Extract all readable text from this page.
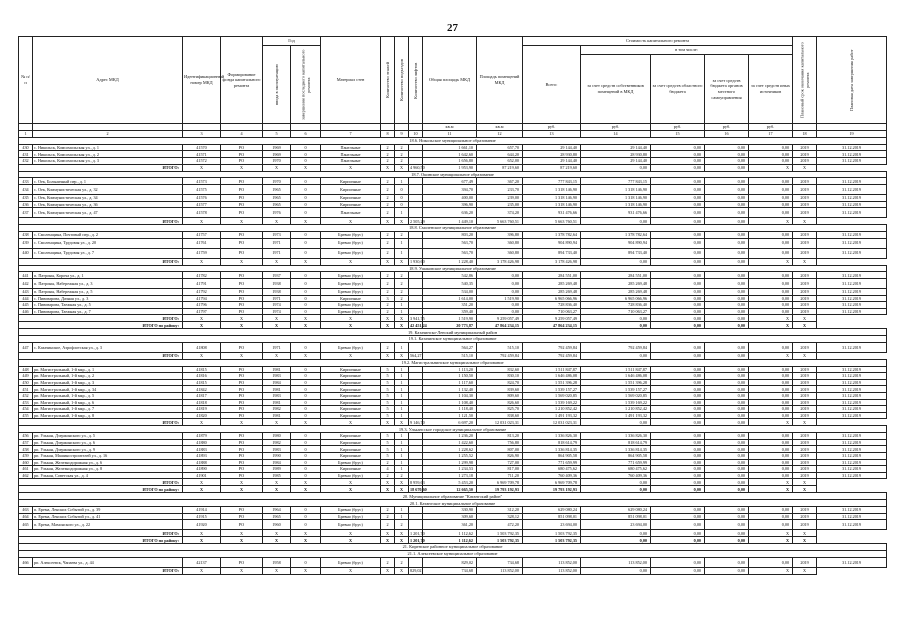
27
№ п/п	Адрес МКД	Идентификационный номер МКД	Формирование фонда капитального ремонта	Год		Материал стен	Количество этажей	Количество подъездов	Количество лифтов	Общая площадь МКД	Площадь помещений МКД	Стоимость капитального ремонта					Плановый срок окончания капитального ремонта	Плановая дата завершения работ
				ввода в эксплуатацию	завершения последнего капитального ремонта							Всего:	в том числе:					
													за счет средств собственников помещений в МКД	за счет средств областного бюджета	за счет средств бюджета органов местного самоуправления	за счет средств иных источников		
										кв.м	кв.м	руб.	руб.	руб.	руб.	руб.		
1	2	3	4	5	6	7	8	9	10	11	12	13	14	15	16	17	18	19
18.6. Никольское муниципальное образование																		
430	с. Никольск, Комсомольская ул., д. 1	41570	РО	1969	0	Панельные	2	2		1 661,10	657,70	29 144,40	29 144,40	0,00	0,00	0,00	2019	31.12.2019
431	с. Никольск, Комсомольская ул., д. 2	41571	РО	1969	0	Панельные	2	2		1 642,60	644,20	28 930,80	28 930,80	0,00	0,00	0,00	2019	31.12.2019
432	с. Никольск, Комсомольская ул., д. 3	41572	РО	1970	0	Панельные	2	2		1 656,80	652,00	29 144,40	29 144,40	0,00	0,00	0,00	2019	31.12.2019
ИТОГО:		Х	Х	Х	Х	Х	Х	Х	4 960,50	1 953,90	87 219,60	87 219,60	0,00	0,00	0,00	Х	Х	
18.7. Окинское муниципальное образование																		
433	с. Оек, Больничный пер., д. 1	41573	РО	1970	0	Кирпичные	2	1		677,49	367,20	777 843,15	777 843,15	0,00	0,00	0,00	2019	31.12.2019
434	с. Оек, Коммунистическая ул., д. 32	41575	РО	1965	0	Кирпичные	2	0		394,70	233,70	1 318 146,90	1 318 146,90	0,00	0,00	0,00	2019	31.12.2019
435	с. Оек, Коммунистическая ул., д. 34	41576	РО	1965	0	Кирпичные	2	0		400,00	239,00	1 318 146,90	1 318 146,90	0,00	0,00	0,00	2019	31.12.2019
436	с. Оек, Коммунистическая ул., д. 36	41577	РО	1965	0	Кирпичные	2	0		396,90	235,00	1 318 146,90	1 318 146,90	0,00	0,00	0,00	2019	31.12.2019
437	с. Оек, Коммунистическая ул., д. 47	41578	РО	1976	0	Панельные	2	1		636,20	374,20	931 476,66	931 476,66	0,00	0,00	0,00	2019	31.12.2019
ИТОГО:		Х	Х	Х	Х	Х	Х	Х	2 505,29	1 449,10	5 663 760,51	5 663 760,51	0,00	0,00	0,00	Х	Х	
18.8. Смоленское муниципальное образование																		
438	с. Смоленщина, Почтовый пер., д. 2	41757	РО	1973	0	Бревно (брус)	2	2		803,20	396,80	1 378 782,64	1 378 782,64	0,00	0,00	0,00	2019	31.12.2019
439	с. Смоленщина, Трудовая ул., д. 20	41761	РО	1971	0	Бревно (брус)	2	1		563,70	360,80	904 890,94	904 890,94	0,00	0,00	0,00	2019	31.12.2019
440	с. Смоленщина, Трудовая ул., д. 7	41759	РО	1971	0	Бревно (брус)	2	1		563,70	360,80	894 733,40	894 733,40	0,00	0,00	0,00	2019	31.12.2019
ИТОГО:		Х	Х	Х	Х	Х	Х	Х	1 930,60	1 228,40	3 178 426,98	3 178 426,98	0,00	0,00	0,00	Х	Х	
18.9. Ушаковское муниципальное образование																		
441	п. Патроны, Короча ул., д. 1	41782	РО	1937	0	Бревно (брус)	2	2		542,86	0,00	284 551,00	284 551,00	0,00	0,00	0,00	2019	31.12.2019
442	п. Патроны, Набережная ул., д. 3	41791	РО	1938	0	Бревно (брус)	2	2		540,35	0,00	285 269,48	285 269,48	0,00	0,00	0,00	2019	31.12.2019
443	п. Патроны, Набережная ул., д. 5	41792	РО	1938	0	Бревно (брус)	2	2		534,00	0,00	285 269,48	285 269,48	0,00	0,00	0,00	2019	31.12.2019
444	с. Пивоварова, Дачная ул., д. 3	41794	РО	1971	0	Кирпичные	3	2		1 614,00	1 519,90	6 965 066,96	6 965 066,96	0,00	0,00	0,00	2019	31.12.2019
445	с. Пивоварова, Таежная ул., д. 5	41796	РО	1974	0	Бревно (брус)	2	1		351,20	0,00	728 836,40	728 836,40	0,00	0,00	0,00	2019	31.12.2019
446	с. Пивоварова, Таежная ул., д. 7	41797	РО	1974	0	Бревно (брус)	2	1		359,40	0,00	710 063,27	710 063,27	0,00	0,00	0,00	2019	31.12.2019
ИТОГО:		Х	Х	Х	Х	Х	Х	Х	3 941,75	1 519,90	9 259 057,49	9 259 057,49	0,00	0,00	0,00	Х	Х	
ИТОГО по району:		Х	Х	Х	Х	Х	Х	Х	42 451,24	20 773,87	47 864 234,15	47 864 234,15	0,00	0,00	0,00	Х	Х	
19. Казачинско-Ленский муниципальный район																		
19.1. Казачинское муниципальное образование																		
447	с. Казачинское, Аэрофлотская ул., д. 3	41808	РО	1971	0	Бревно (брус)	2	1		564,27	515,10	792 459,84	792 459,84	0,00	0,00	0,00	2019	31.12.2019
ИТОГО:		Х	Х	Х	Х	Х	Х	Х	564,27	515,10	792 459,84	792 459,84	0,00	0,00	0,00	Х	Х	
19.2. Магистральнинское муниципальное образование																		
448	рп. Магистральный, 1-й мкр., д. 1	41815	РО	1981	0	Кирпичные	5	1		1 113,20	832,60	1 511 847,87	1 511 847,87	0,00	0,00	0,00	2019	31.12.2019
449	рп. Магистральный, 1-й мкр., д. 2	41816	РО	1983	0	Кирпичные	5	1		1 150,50	830,10	1 646 486,08	1 646 486,08	0,00	0,00	0,00	2019	31.12.2019
450	рп. Магистральный, 1-й мкр., д. 3	41815	РО	1984	0	Кирпичные	5	1		1 117,60	824,70	1 551 396,28	1 551 396,28	0,00	0,00	0,00	2019	31.12.2019
451	рп. Магистральный, 1-й мкр., д. 34	41842	РО	1981	0	Кирпичные	5	1		1 132,40	839,60	1 539 157,27	1 539 157,27	0,00	0,00	0,00	2019	31.12.2019
452	рп. Магистральный, 1-й мкр., д. 5	41817	РО	1983	0	Кирпичные	5	1		1 104,30	809,60	1 569 020,85	1 569 020,85	0,00	0,00	0,00	2019	31.12.2019
453	рп. Магистральный, 1-й мкр., д. 6	41818	РО	1981	0	Кирпичные	5	1		1 108,40	826,60	1 539 169,22	1 539 169,22	0,00	0,00	0,00	2019	31.12.2019
454	рп. Магистральный, 1-й мкр., д. 7	41819	РО	1982	0	Кирпичные	5	1		1 118,40	825,70	1 210 852,42	1 210 852,42	0,00	0,00	0,00	2019	31.12.2019
455	рп. Магистральный, 1-й мкр., д. 8	41820	РО	1981	0	Кирпичные	5	1		1 121,50	838,60	1 491 193,32	1 491 193,32	0,00	0,00	0,00	2019	31.12.2019
ИТОГО:		Х	Х	Х	Х	Х	Х	Х	9 146,70	6 697,20	12 031 023,31	12 031 023,31	0,00	0,00	0,00	Х	Х	
19.3. Улькансское городское муниципальное образование																		
456	рп. Улькан, Дзержинского ул., д. 5	41879	РО	1980	0	Кирпичные	5	1		1 236,20	813,20	1 336 826,30	1 336 826,30	0,00	0,00	0,00	2019	31.12.2019
457	рп. Улькан, Дзержинского ул., д. 6	41880	РО	1982	0	Кирпичные	5	1		1 422,60	756,80	818 614,79	818 614,79	0,00	0,00	0,00	2019	31.12.2019
458	рп. Улькан, Дзержинского ул., д. 9	41883	РО	1983	0	Кирпичные	5	1		1 228,62	807,00	1 336 814,35	1 336 814,35	0,00	0,00	0,00	2019	31.12.2019
459	рп. Улькан, Машиностроителей ул., д. 16	41893	РО	1990	0	Кирпичные	5	1		1 255,52	826,90	864 905,58	864 905,58	0,00	0,00	0,00	2019	31.12.2019
460	рп. Улькан, Железнодорожная ул., д. 6	41888	РО	1984	0	Бревно (брус)	2	1		1 299,98	727,00	771 659,99	771 659,99	0,00	0,00	0,00	2019	31.12.2019
461	рп. Улькан, Железнодорожная ул., д. 8	41890	РО	1989	0	Кирпичные	4	1		1 234,53	817,00	680 475,62	680 475,62	0,00	0,00	0,00	2019	31.12.2019
462	рп. Улькан, Советская ул., д. 4	41901	РО	1985	0	Бревно (брус)	2	2		1 273,18	711,20	760 409,36	760 409,36	0,00	0,00	0,00	2019	31.12.2019
ИТОГО:		Х	Х	Х	Х	Х	Х	Х	8 959,63	5 453,20	6 969 709,78	6 969 709,78	0,00	0,00	0,00	Х	Х	
ИТОГО по району:		Х	Х	Х	Х	Х	Х	Х	18 670,60	12 665,50	19 793 192,93	19 793 192,93	0,00	0,00	0,00	Х	Х	
20. Муниципальное образование "Катангский район"																		
20.1. Катангское муниципальное образование																		
463	п. Ерема, Ленских Событий ул., д. 39	41914	РО	1964	0	Бревно (брус)	2	1		330,90	312,20	629 080,24	629 080,24	0,00	0,00	0,00	2019	31.12.2019
464	п. Ерема, Ленских Событий ул., д. 41	41915	РО	1965	0	Бревно (брус)	2	1		309,60	328,12	851 098,01	851 098,01	0,00	0,00	0,00	2019	31.12.2019
465	п. Ерема, Мамонского ул., д. 22	41920	РО	1960	0	Бревно (брус)	2	2		361,20	472,20	23 694,00	23 694,00	0,00	0,00	0,00	2019	31.12.2019
ИТОГО:		Х	Х	Х	Х	Х	Х	Х	1 201,70	1 112,62	1 503 792,35	1 503 792,35	0,00	0,00	0,00	Х	Х	
ИТОГО по району:		Х	Х	Х	Х	Х	Х	Х	1 201,70	1 112,62	1 503 792,35	1 503 792,35	0,00	0,00	0,00	Х	Х	
21. Киренское районное муниципальное образование																		
21.1. Алексеевское муниципальное образование																		
466	рп. Алексеевск, Чапаева ул., д. 44	42137	РО	1958	0	Бревно (брус)	2	2		829,02	734,68	113 852,00	113 852,00	0,00	0,00	0,00	2019	31.12.2019
ИТОГО:		Х	Х	Х	Х	Х	Х	Х	829,02	734,68	113 852,00	113 852,00	0,00	0,00	0,00	Х	Х	
